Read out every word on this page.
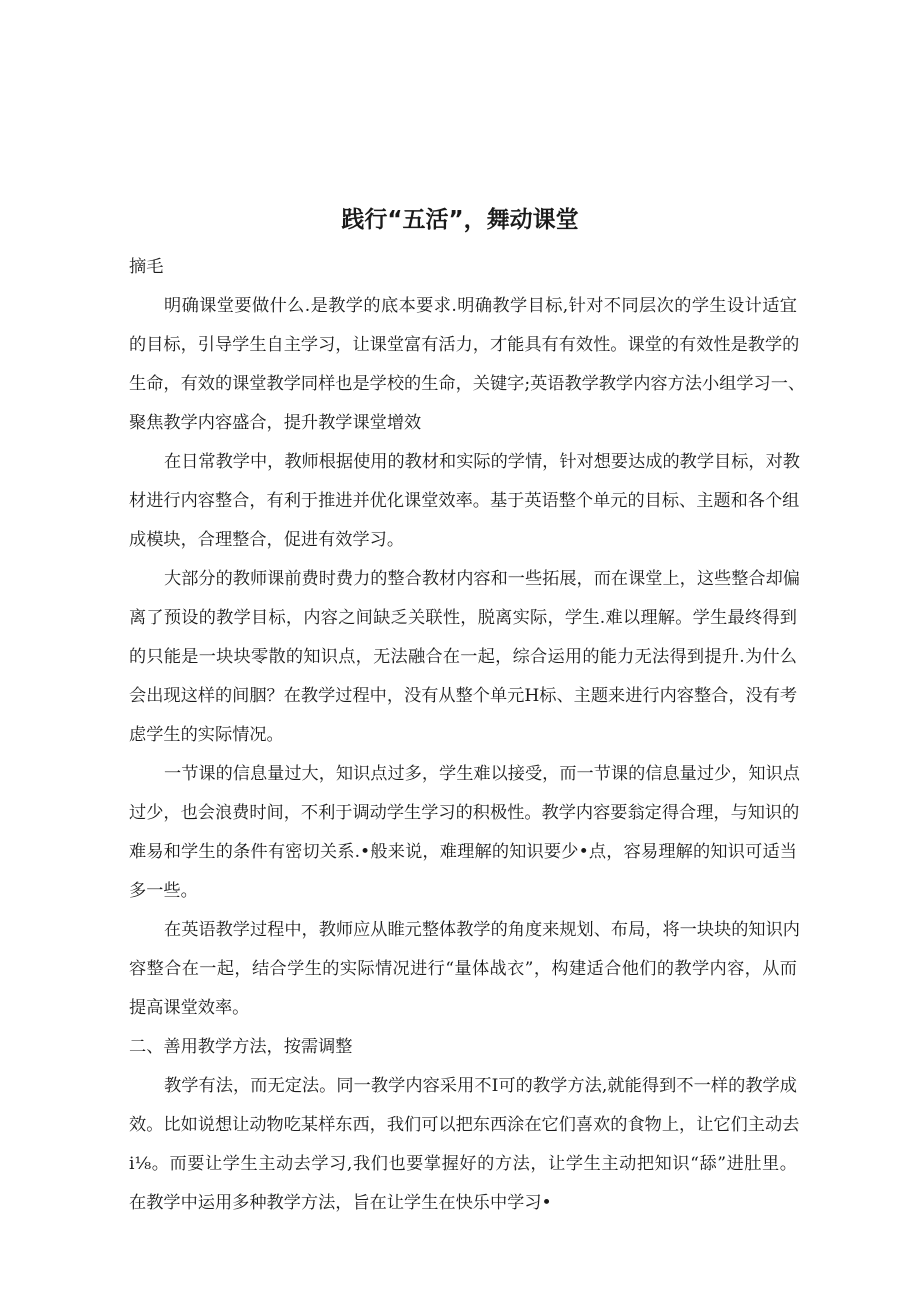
践行“五活”，舞动课堂

摘毛

明确课堂要做什么.是教学的底本要求.明确教学目标,针对不同层次的学生设计适宜

的目标，引导学生自主学习，让课堂富有活力，才能具有有效性。课堂的有效性是教学的

生命，有效的课堂教学同样也是学校的生命，关键字;英语教学教学内容方法小组学习一、

聚焦教学内容盛合，提升教学课堂增效

在日常教学中，教师根据使用的教材和实际的学情，针对想要达成的教学目标，对教

材进行内容整合，有利于推进并优化课堂效率。基于英语整个单元的目标、主题和各个组

成模块，合理整合，促进有效学习。

大部分的教师课前费时费力的整合教材内容和一些拓展，而在课堂上，这些整合却偏

离了预设的教学目标，内容之间缺乏关联性，脱离实际，学生.难以理解。学生最终得到

的只能是一块块零散的知识点，无法融合在一起，综合运用的能力无法得到提升.为什么

会出现这样的间胭？在教学过程中，没有从整个单元H标、主题来进行内容整合，没有考

虑学生的实际情况。

一节课的信息量过大，知识点过多，学生难以接受，而一节课的信息量过少，知识点

过少，也会浪费时间，不利于调动学生学习的积极性。教学内容要翁定得合理，与知识的

难易和学生的条件有密切关系.•般来说，难理解的知识要少•点，容易理解的知识可适当

多一些。

在英语教学过程中，教师应从睢元整体教学的角度来规划、布局，将一块块的知识内

容整合在一起，结合学生的实际情况进行“量体战衣”，构建适合他们的教学内容，从而

提高课堂效率。

二、善用教学方法，按需调整

教学有法，而无定法。同一教学内容采用不I可的教学方法,就能得到不一样的教学成

效。比如说想让动物吃某样东西，我们可以把东西涂在它们喜欢的食物上，让它们主动去

i⅛。而要让学生主动去学习,我们也要掌握好的方法，让学生主动把知识“舔”进肚里。

在教学中运用多种教学方法，旨在让学生在快乐中学习•
